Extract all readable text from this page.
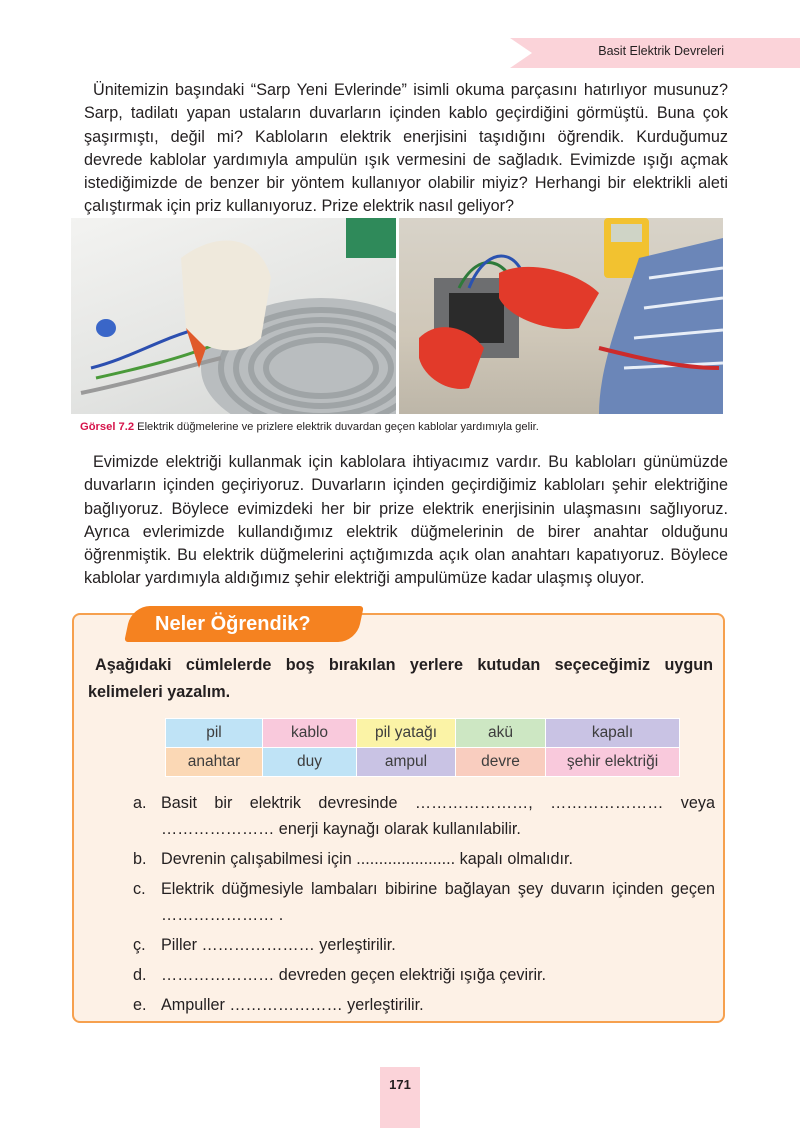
Basit Elektrik Devreleri

Ünitemizin başındaki “Sarp Yeni Evlerinde” isimli okuma parçasını hatırlıyor musunuz? Sarp, tadilatı yapan ustaların duvarların içinden kablo geçirdiğini görmüştü. Buna çok şaşırmıştı, değil mi? Kabloların elektrik enerjisini taşıdığını öğrendik. Kurduğumuz devrede kablolar yardımıyla ampulün ışık vermesini de sağladık. Evimizde ışığı açmak istediğimizde de benzer bir yöntem kullanıyor olabilir miyiz? Herhangi bir elektrikli aleti çalıştırmak için priz kullanıyoruz. Prize elektrik nasıl geliyor?

Görsel 7.2 Elektrik düğmelerine ve prizlere elektrik duvardan geçen kablolar yardımıyla gelir.

Evimizde elektriği kullanmak için kablolara ihtiyacımız vardır. Bu kabloları günümüzde duvarların içinden geçiriyoruz. Duvarların içinden geçirdiğimiz kabloları şehir elektriğine bağlıyoruz. Böylece evimizdeki her bir prize elektrik enerjisinin ulaşmasını sağlıyoruz. Ayrıca evlerimizde kullandığımız elektrik düğmelerinin de birer anahtar olduğunu öğrenmiştik. Bu elektrik düğmelerini açtığımızda açık olan anahtarı kapatıyoruz. Böylece kablolar yardımıyla aldığımız şehir elektriği ampulümüze kadar ulaşmış oluyor.

Neler Öğrendik?

Aşağıdaki cümlelerde boş bırakılan yerlere kutudan seçeceğimiz uygun kelimeleri yazalım.

pil	kablo	pil yatağı	akü	kapalı
anahtar	duy	ampul	devre	şehir elektriği
a. Basit bir elektrik devresinde …………………, ………………… veya ………………… enerji kaynağı olarak kullanılabilir.
b. Devrenin çalışabilmesi için ...................... kapalı olmalıdır.
c. Elektrik düğmesiyle lambaları bibirine bağlayan şey duvarın içinden geçen ………………… .
ç. Piller ………………… yerleştirilir.
d. ………………… devreden geçen elektriği ışığa çevirir.
e. Ampuller ………………… yerleştirilir.
171
